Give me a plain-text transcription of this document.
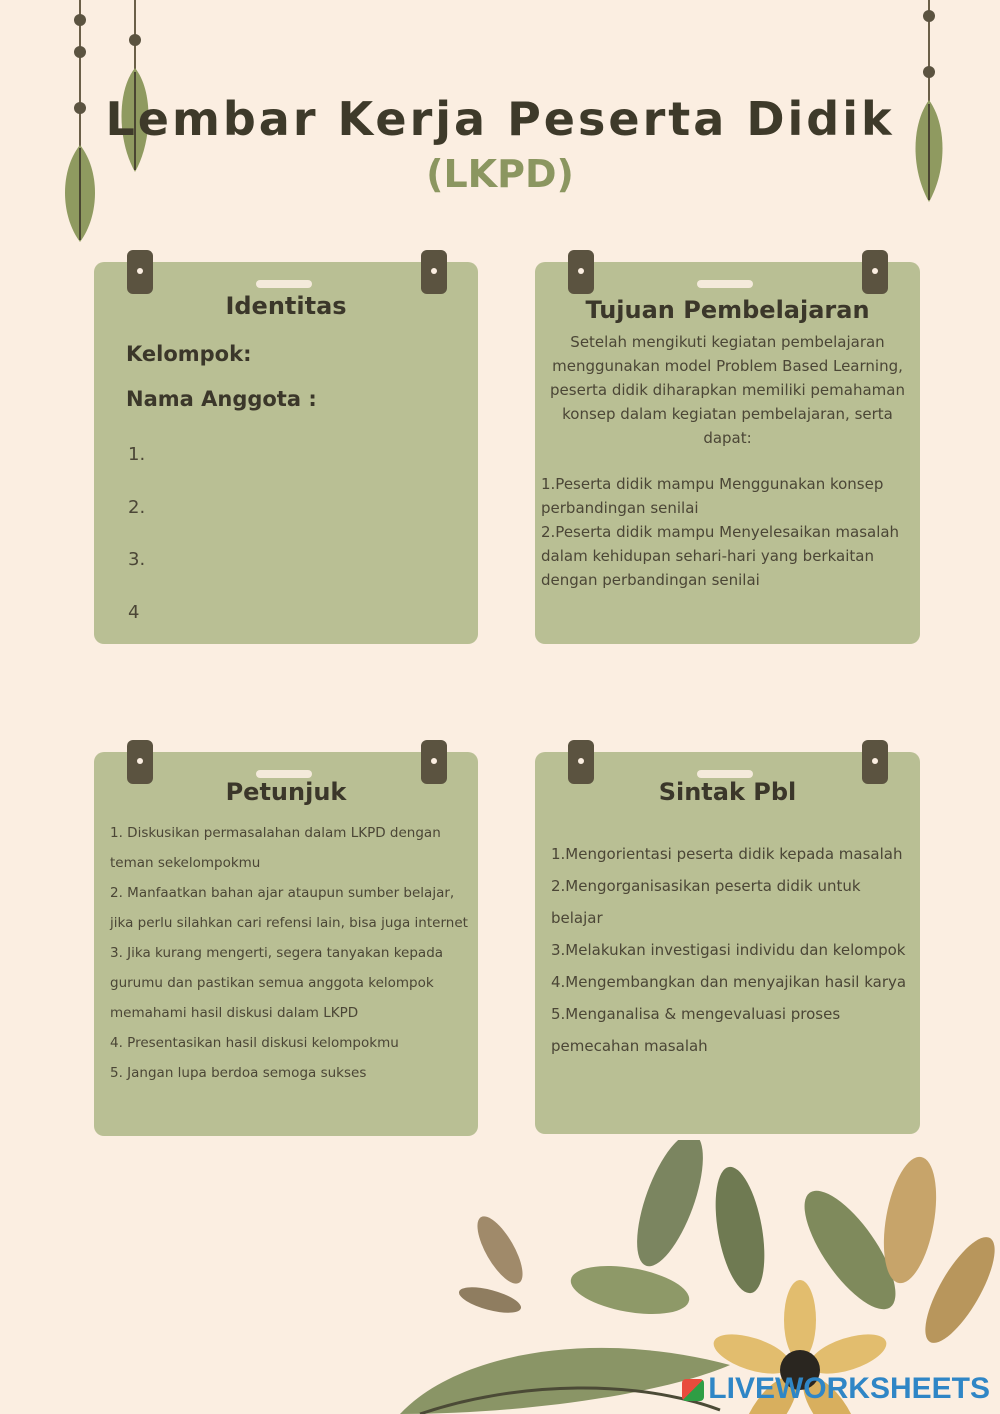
Lembar Kerja Peserta Didik
(LKPD)
Identitas
Kelompok:
Nama Anggota :
1.
2.
3.
4
Tujuan Pembelajaran
Setelah mengikuti kegiatan pembelajaran menggunakan model Problem Based Learning, peserta didik diharapkan memiliki pemahaman konsep dalam kegiatan pembelajaran, serta dapat:
1.Peserta didik mampu Menggunakan konsep perbandingan senilai
2.Peserta didik mampu Menyelesaikan masalah dalam kehidupan sehari-hari yang berkaitan dengan perbandingan senilai
Petunjuk
1. Diskusikan permasalahan dalam LKPD dengan teman sekelompokmu
2. Manfaatkan bahan ajar ataupun sumber belajar, jika perlu silahkan cari refensi lain, bisa juga internet
3. Jika kurang mengerti, segera tanyakan kepada gurumu dan pastikan semua anggota kelompok memahami hasil diskusi dalam LKPD
4. Presentasikan hasil diskusi kelompokmu
5. Jangan lupa berdoa semoga sukses
Sintak Pbl
1.Mengorientasi peserta didik kepada masalah
2.Mengorganisasikan peserta didik untuk belajar
3.Melakukan investigasi individu dan kelompok
4.Mengembangkan dan menyajikan hasil karya
5.Menganalisa & mengevaluasi proses pemecahan masalah
LIVEWORKSHEETS
